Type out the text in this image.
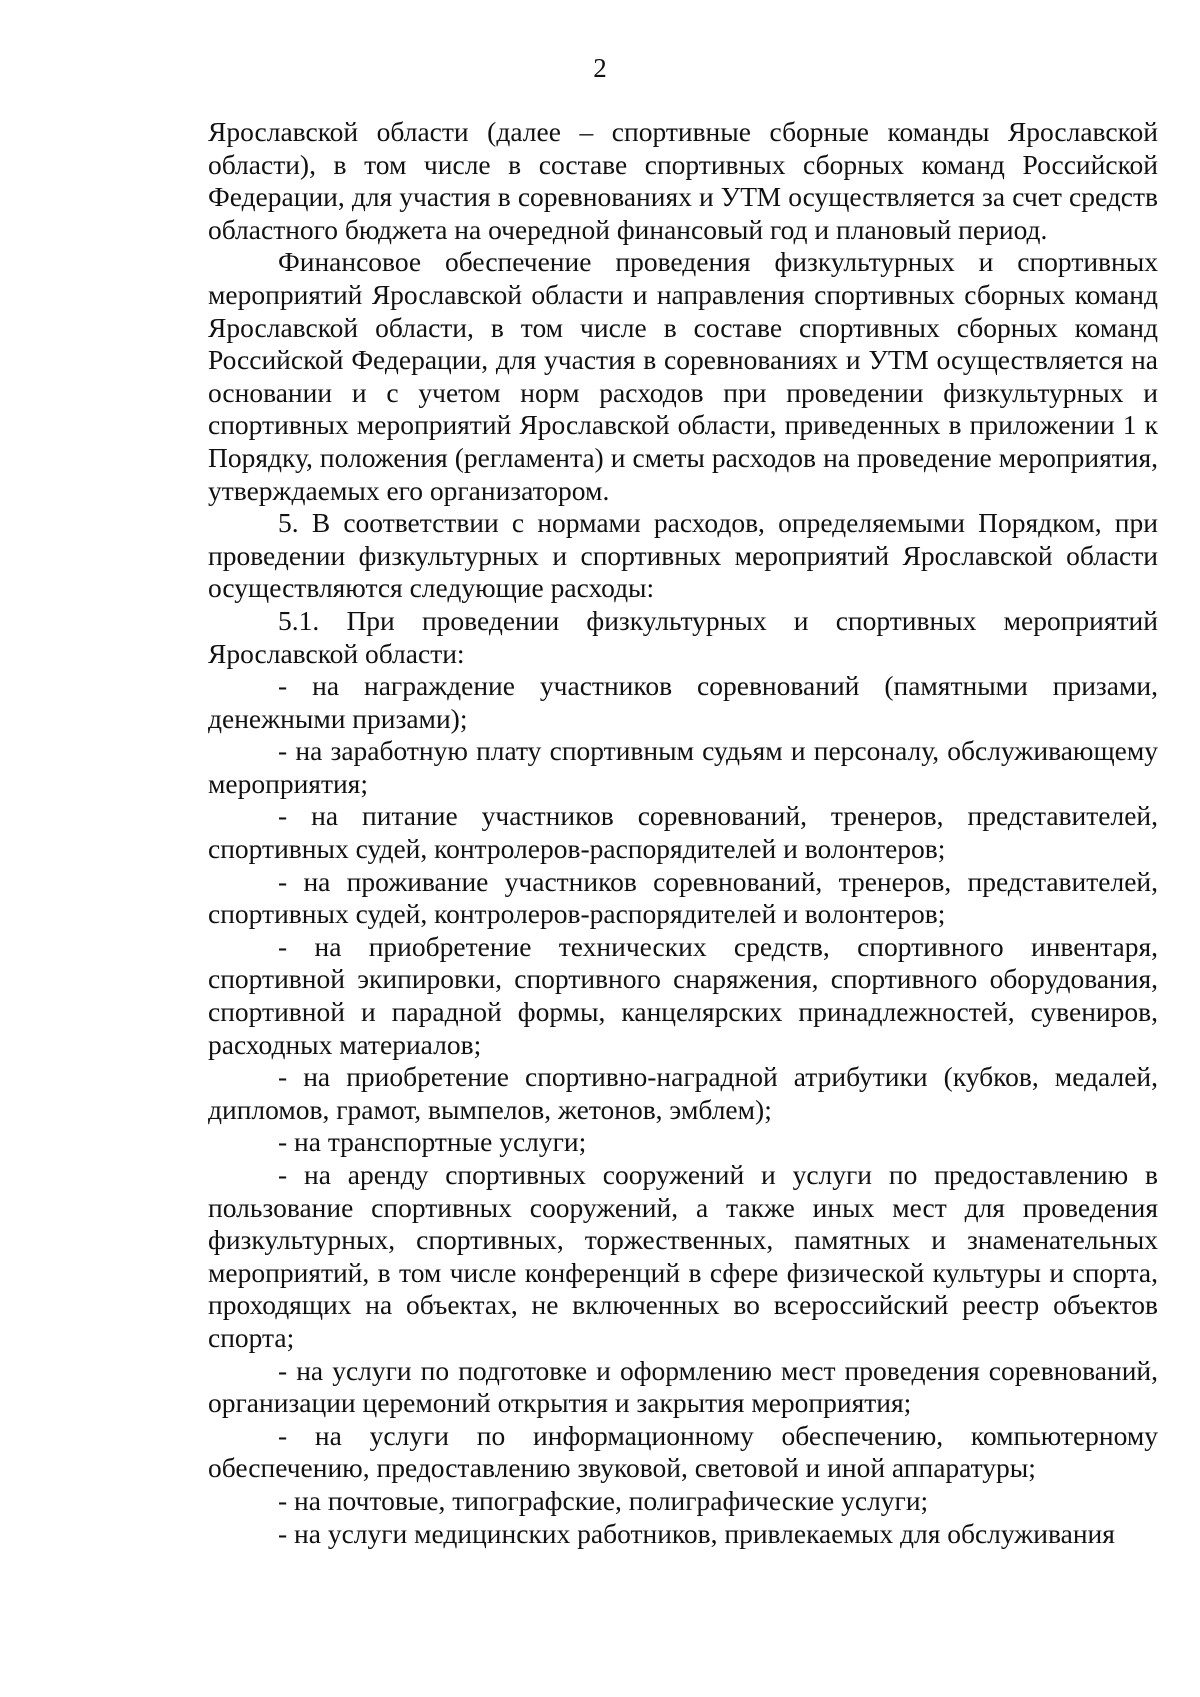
2

Ярославской области (далее – спортивные сборные команды Ярославской области), в том числе в составе спортивных сборных команд Российской Федерации, для участия в соревнованиях и УТМ осуществляется за счет средств областного бюджета на очередной финансовый год и плановый период.

Финансовое обеспечение проведения физкультурных и спортивных мероприятий Ярославской области и направления спортивных сборных команд Ярославской области, в том числе в составе спортивных сборных команд Российской Федерации, для участия в соревнованиях и УТМ осуществляется на основании и с учетом норм расходов при проведении физкультурных и спортивных мероприятий Ярославской области, приведенных в приложении 1 к Порядку, положения (регламента) и сметы расходов на проведение мероприятия, утверждаемых его организатором.

5. В соответствии с нормами расходов, определяемыми Порядком, при проведении физкультурных и спортивных мероприятий Ярославской области осуществляются следующие расходы:

5.1. При проведении физкультурных и спортивных мероприятий Ярославской области:

- на награждение участников соревнований (памятными призами, денежными призами);

- на заработную плату спортивным судьям и персоналу, обслуживающему мероприятия;

- на питание участников соревнований, тренеров, представителей, спортивных судей, контролеров-распорядителей и волонтеров;

- на проживание участников соревнований, тренеров, представителей, спортивных судей, контролеров-распорядителей и волонтеров;

- на приобретение технических средств, спортивного инвентаря, спортивной экипировки, спортивного снаряжения, спортивного оборудования, спортивной и парадной формы, канцелярских принадлежностей, сувениров, расходных материалов;

- на приобретение спортивно-наградной атрибутики (кубков, медалей, дипломов, грамот, вымпелов, жетонов, эмблем);

- на транспортные услуги;

- на аренду спортивных сооружений и услуги по предоставлению в пользование спортивных сооружений, а также иных мест для проведения физкультурных, спортивных, торжественных, памятных и знаменательных мероприятий, в том числе конференций в сфере физической культуры и спорта, проходящих на объектах, не включенных во всероссийский реестр объектов спорта;

- на услуги по подготовке и оформлению мест проведения соревнований, организации церемоний открытия и закрытия мероприятия;

- на услуги по информационному обеспечению, компьютерному обеспечению, предоставлению звуковой, световой и иной аппаратуры;

- на почтовые, типографские, полиграфические услуги;

- на услуги медицинских работников, привлекаемых для обслуживания
